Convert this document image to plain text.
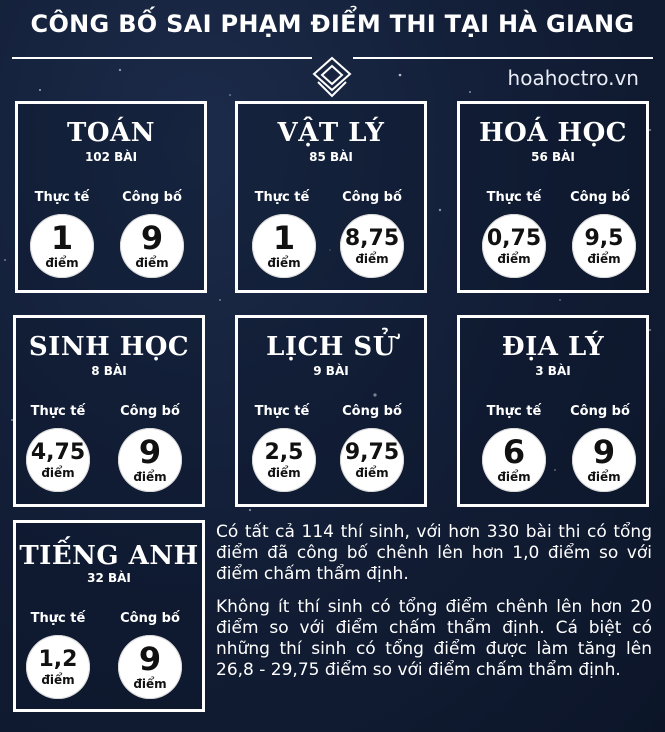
CÔNG BỐ SAI PHẠM ĐIỂM THI TẠI HÀ GIANG
hoahoctro.vn
TOÁN
102 BÀI
Thực tế	Công bố
1
điểm
9
điểm
VẬT LÝ
85 BÀI
Thực tế	Công bố
1
điểm
8,75
điểm
HOÁ HỌC
56 BÀI
Thực tế	Công bố
0,75
điểm
9,5
điểm
SINH HỌC
8 BÀI
Thực tế	Công bố
4,75
điểm
9
điểm
LỊCH SỬ
9 BÀI
Thực tế	Công bố
2,5
điểm
9,75
điểm
ĐỊA LÝ
3 BÀI
Thực tế	Công bố
6
điểm
9
điểm
TIẾNG ANH
32 BÀI
Thực tế	Công bố
1,2
điểm
9
điểm

Có tất cả 114 thí sinh, với hơn 330 bài thi có tổng điểm đã công bố chênh lên hơn 1,0 điểm so với điểm chấm thẩm định.

Không ít thí sinh có tổng điểm chênh lên hơn 20 điểm so với điểm chấm thẩm định. Cá biệt có những thí sinh có tổng điểm được làm tăng lên 26,8 - 29,75 điểm so với điểm chấm thẩm định.
